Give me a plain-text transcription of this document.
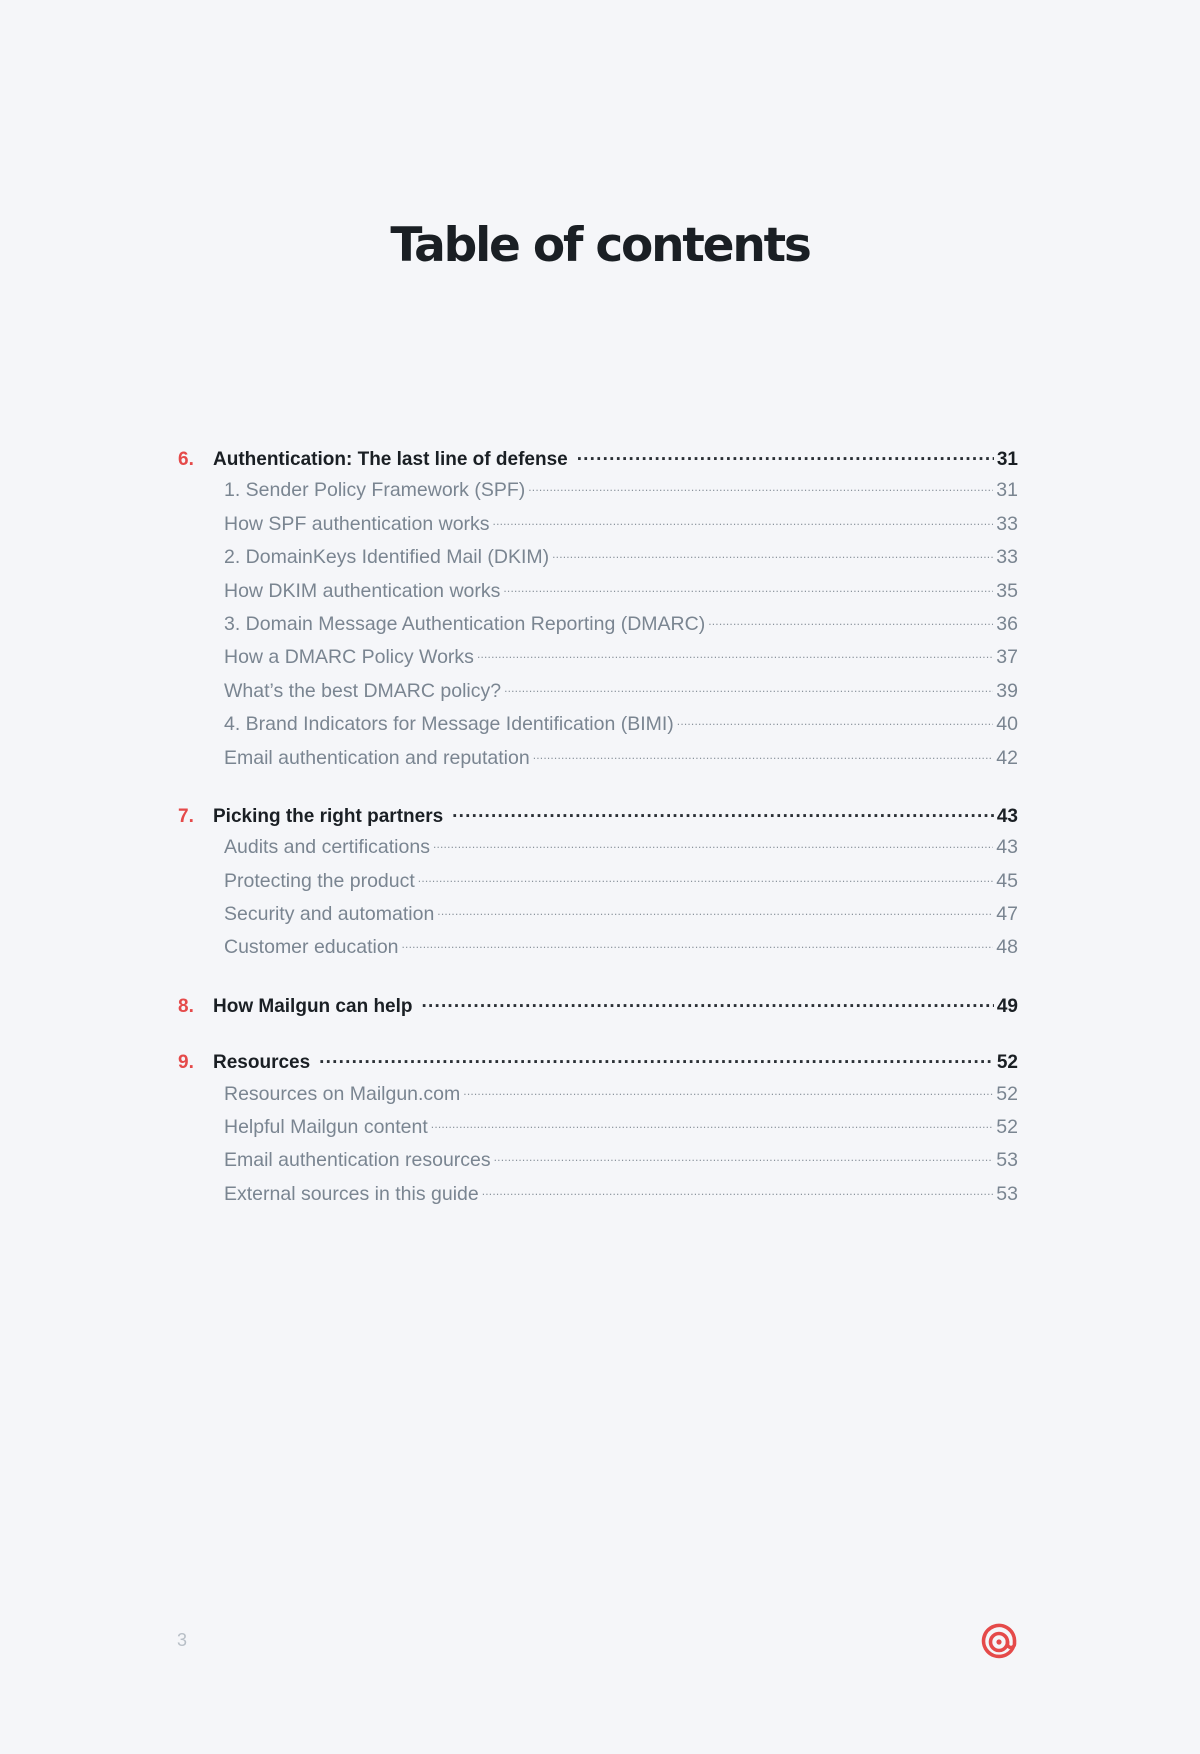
Table of contents
6.	Authentication: The last line of defense .....	31
1. Sender Policy Framework (SPF) .....	31
How SPF authentication works .....	33
2. DomainKeys Identified Mail (DKIM) .....	33
How DKIM authentication works .....	35
3. Domain Message Authentication Reporting (DMARC) .....	36
How a DMARC Policy Works .....	37
What’s the best DMARC policy? .....	39
4. Brand Indicators for Message Identification (BIMI) .....	40
Email authentication and reputation .....	42
7.	Picking the right partners .....	43
Audits and certifications .....	43
Protecting the product .....	45
Security and automation .....	47
Customer education .....	48
8.	How Mailgun can help .....	49
9.	Resources .....	52
Resources on Mailgun.com .....	52
Helpful Mailgun content .....	52
Email authentication resources .....	53
External sources in this guide .....	53
3
